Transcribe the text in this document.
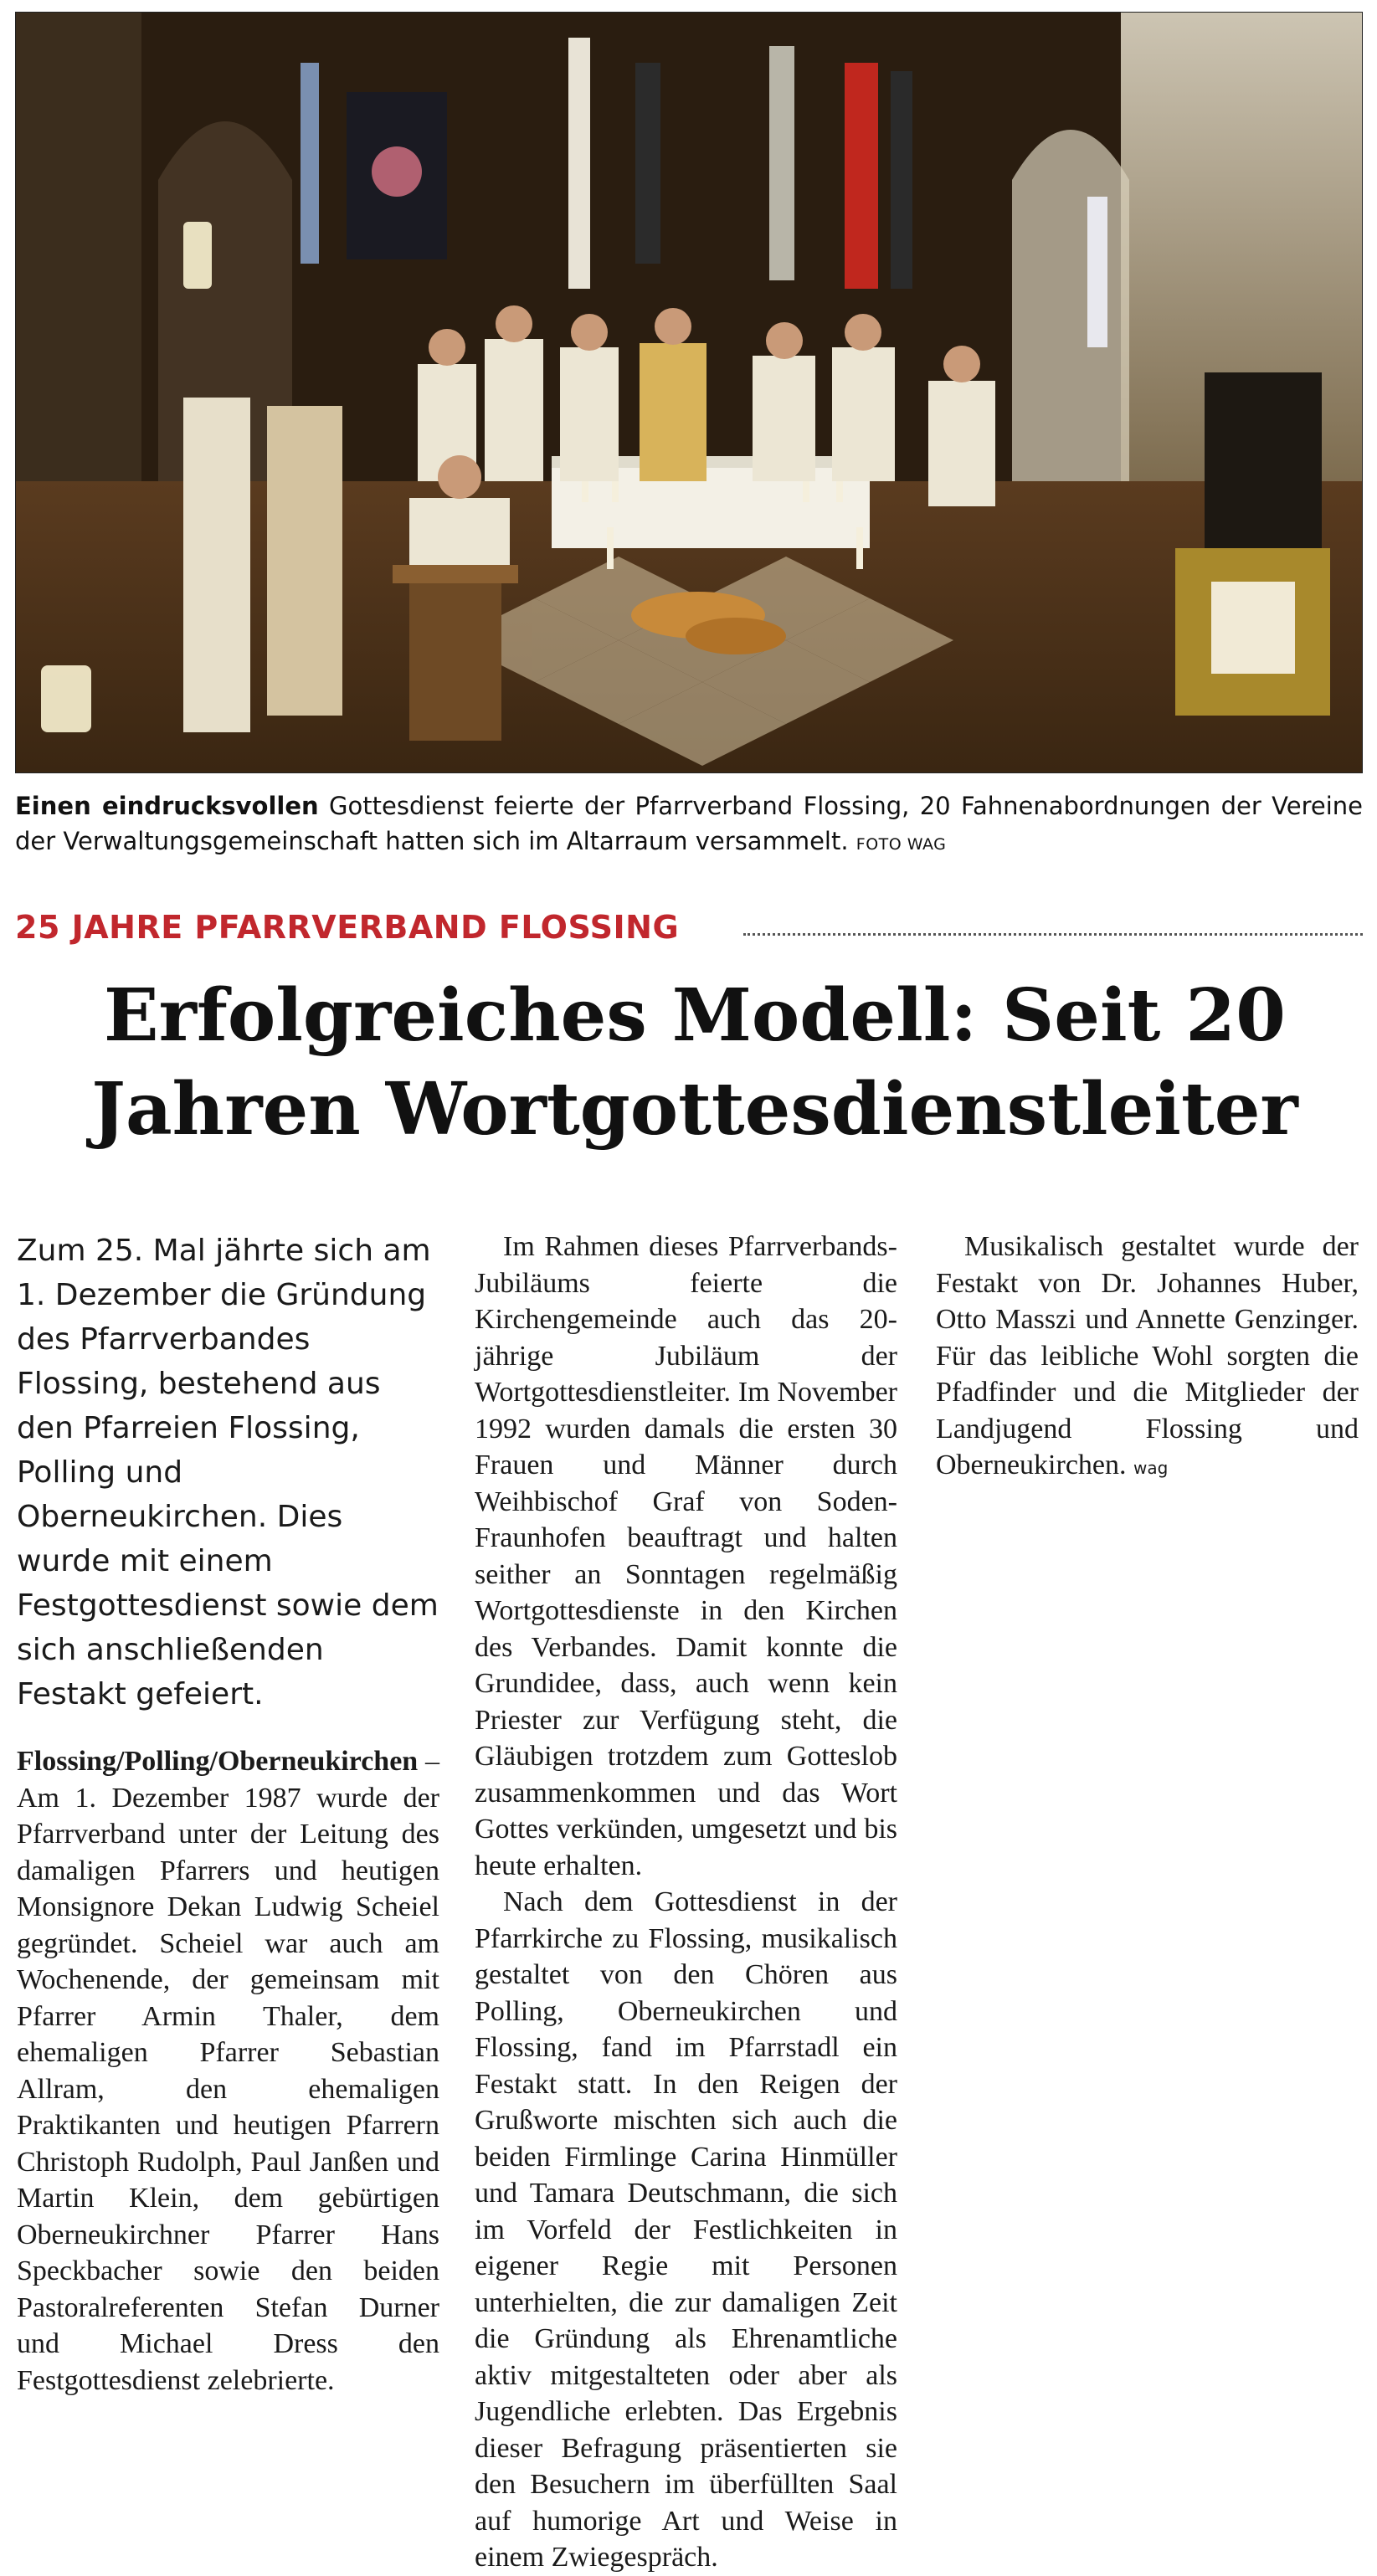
Einen eindrucksvollen Gottesdienst feierte der Pfarrverband Flossing, 20 Fahnenabordnungen der Vereine der Verwaltungsgemeinschaft hatten sich im Altarraum versammelt. FOTO WAG
25 JAHRE PFARRVERBAND FLOSSING
Erfolgreiches Modell: Seit 20 Jahren Wortgottesdienstleiter

Zum 25. Mal jährte sich am 1. Dezember die Gründung des Pfarrverbandes Flossing, bestehend aus den Pfarreien Flossing, Polling und Oberneukirchen. Dies wurde mit einem Festgottesdienst sowie dem sich anschließenden Festakt gefeiert.

Flossing/Polling/Oberneukirchen – Am 1. Dezember 1987 wurde der Pfarrverband unter der Leitung des damaligen Pfarrers und heutigen Monsignore Dekan Ludwig Scheiel gegründet. Scheiel war auch am Wochenende, der gemeinsam mit Pfarrer Armin Thaler, dem ehemaligen Pfarrer Sebastian Allram, den ehemaligen Praktikanten und heutigen Pfarrern Christoph Rudolph, Paul Janßen und Martin Klein, dem gebürtigen Oberneukirchner Pfarrer Hans Speckbacher sowie den beiden Pastoralreferenten Stefan Durner und Michael Dress den Festgottesdienst zelebrierte.

Im Rahmen dieses Pfarrverbands-Jubiläums feierte die Kirchengemeinde auch das 20-jährige Jubiläum der Wortgottesdienstleiter. Im November 1992 wurden damals die ersten 30 Frauen und Männer durch Weihbischof Graf von Soden-Fraunhofen beauftragt und halten seither an Sonntagen regelmäßig Wortgottesdienste in den Kirchen des Verbandes. Damit konnte die Grundidee, dass, auch wenn kein Priester zur Verfügung steht, die Gläubigen trotzdem zum Gotteslob zusammenkommen und das Wort Gottes verkünden, umgesetzt und bis heute erhalten.

Nach dem Gottesdienst in der Pfarrkirche zu Flossing, musikalisch gestaltet von den Chören aus Polling, Oberneukirchen und Flossing, fand im Pfarrstadl ein Festakt statt. In den Reigen der Grußworte mischten sich auch die beiden Firmlinge Carina Hinmüller und Tamara Deutschmann, die sich im Vorfeld der Festlichkeiten in eigener Regie mit Personen unterhielten, die zur damaligen Zeit die Gründung als Ehrenamtliche aktiv mitgestalteten oder aber als Jugendliche erlebten. Das Ergebnis dieser Befragung präsentierten sie den Besuchern im überfüllten Saal auf humorige Art und Weise in einem Zwiegespräch.

Musikalisch gestaltet wurde der Festakt von Dr. Johannes Huber, Otto Masszi und Annette Genzinger. Für das leibliche Wohl sorgten die Pfadfinder und die Mitglieder der Landjugend Flossing und Oberneukirchen. wag
